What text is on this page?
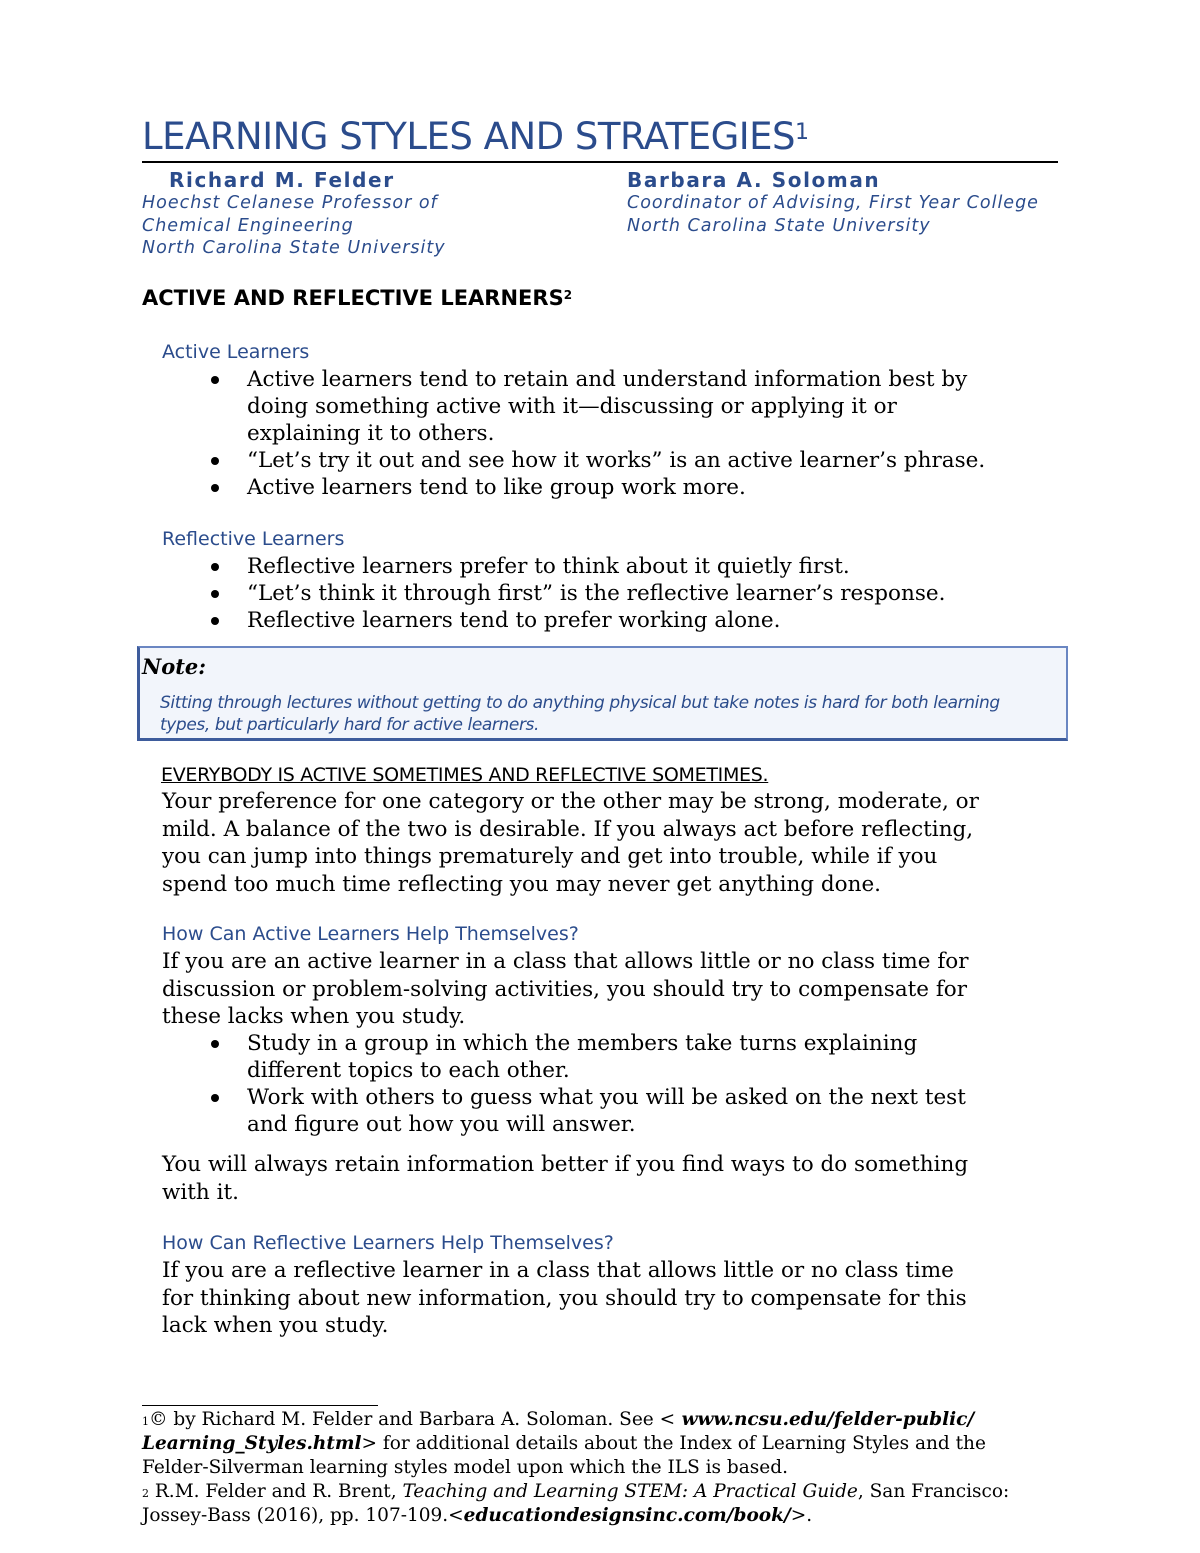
LEARNING STYLES AND STRATEGIES$^1$
Richard M. Felder
Hoechst Celanese Professor of
Chemical Engineering
North Carolina State University
Barbara A. Soloman
Coordinator of Advising, First Year College
North Carolina State University
ACTIVE AND REFLECTIVE LEARNERS$^2$
Active Learners
Active learners tend to retain and understand information best by
doing something active with it—discussing or applying it or
explaining it to others.
“Let’s try it out and see how it works” is an active learner’s phrase.
Active learners tend to like group work more.
Reflective Learners
Reflective learners prefer to think about it quietly first.
“Let’s think it through first” is the reflective learner’s response.
Reflective learners tend to prefer working alone.
Note:
Sitting through lectures without getting to do anything physical but take notes is hard for both learning
types, but particularly hard for active learners.
EVERYBODY IS ACTIVE SOMETIMES AND REFLECTIVE SOMETIMES.
Your preference for one category or the other may be strong, moderate, or
mild. A balance of the two is desirable. If you always act before reflecting,
you can jump into things prematurely and get into trouble, while if you
spend too much time reflecting you may never get anything done.
How Can Active Learners Help Themselves?
If you are an active learner in a class that allows little or no class time for
discussion or problem-solving activities, you should try to compensate for
these lacks when you study.
Study in a group in which the members take turns explaining
different topics to each other.
Work with others to guess what you will be asked on the next test
and figure out how you will answer.
You will always retain information better if you find ways to do something
with it.
How Can Reflective Learners Help Themselves?
If you are a reflective learner in a class that allows little or no class time
for thinking about new information, you should try to compensate for this
lack when you study.
$^1$© by Richard M. Felder and Barbara A. Soloman. See < www.ncsu.edu/felder-public/
Learning_Styles.html> for additional details about the Index of Learning Styles and the
Felder-Silverman learning styles model upon which the ILS is based.
$^2$ R.M. Felder and R. Brent, Teaching and Learning STEM: A Practical Guide, San Francisco:
Jossey-Bass (2016), pp. 107-109.<educationdesignsinc.com/book/>.
